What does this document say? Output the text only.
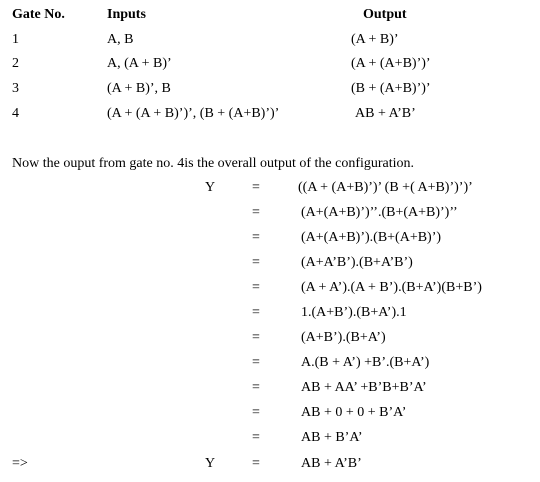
Gate No.	Inputs	Output
1	A, B	(A + B)’
2	A, (A + B)’	(A + (A+B)’)’
3	(A + B)’, B	(B + (A+B)’)’
4	(A + (A + B)’)’, (B + (A+B)’)’	AB + A’B’
Now the ouput from gate no. 4is the overall output of the configuration.
Y	=	((A + (A+B)’)’ (B +( A+B)’)’)’
=	(A+(A+B)’)’’.(B+(A+B)’)’’
=	(A+(A+B)’).(B+(A+B)’)
=	(A+A’B’).(B+A’B’)
=	(A + A’).(A + B’).(B+A’)(B+B’)
=	1.(A+B’).(B+A’).1
=	(A+B’).(B+A’)
=	A.(B + A’) +B’.(B+A’)
=	AB + AA’ +B’B+B’A’
=	AB + 0 + 0 + B’A’
=	AB + B’A’
=>	Y	=	AB + A’B’
